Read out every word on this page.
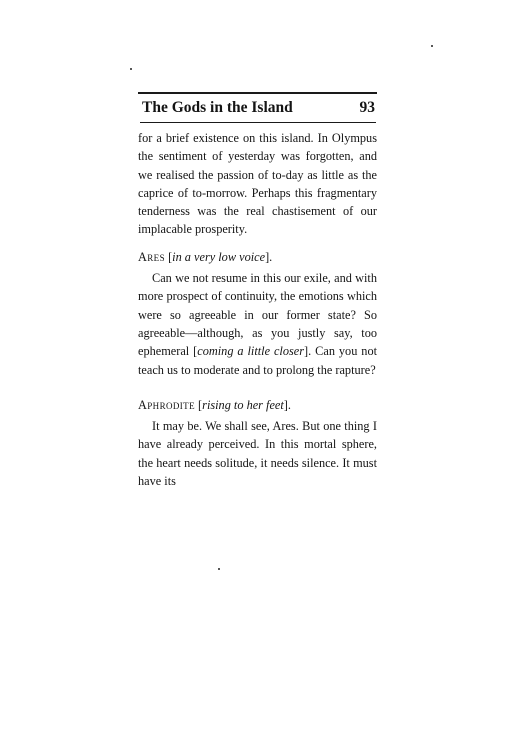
The Gods in the Island	93

for a brief existence on this island. In Olympus the sentiment of yesterday was forgotten, and we realised the passion of to-day as little as the caprice of to-morrow. Perhaps this fragmentary tenderness was the real chastisement of our implacable prosperity.

Ares [in a very low voice].

Can we not resume in this our exile, and with more prospect of continuity, the emotions which were so agreeable in our former state? So agreeable—although, as you justly say, too ephemeral [coming a little closer]. Can you not teach us to moderate and to prolong the rapture?

Aphrodite [rising to her feet].

It may be. We shall see, Ares. But one thing I have already perceived. In this mortal sphere, the heart needs solitude, it needs silence. It must have its
